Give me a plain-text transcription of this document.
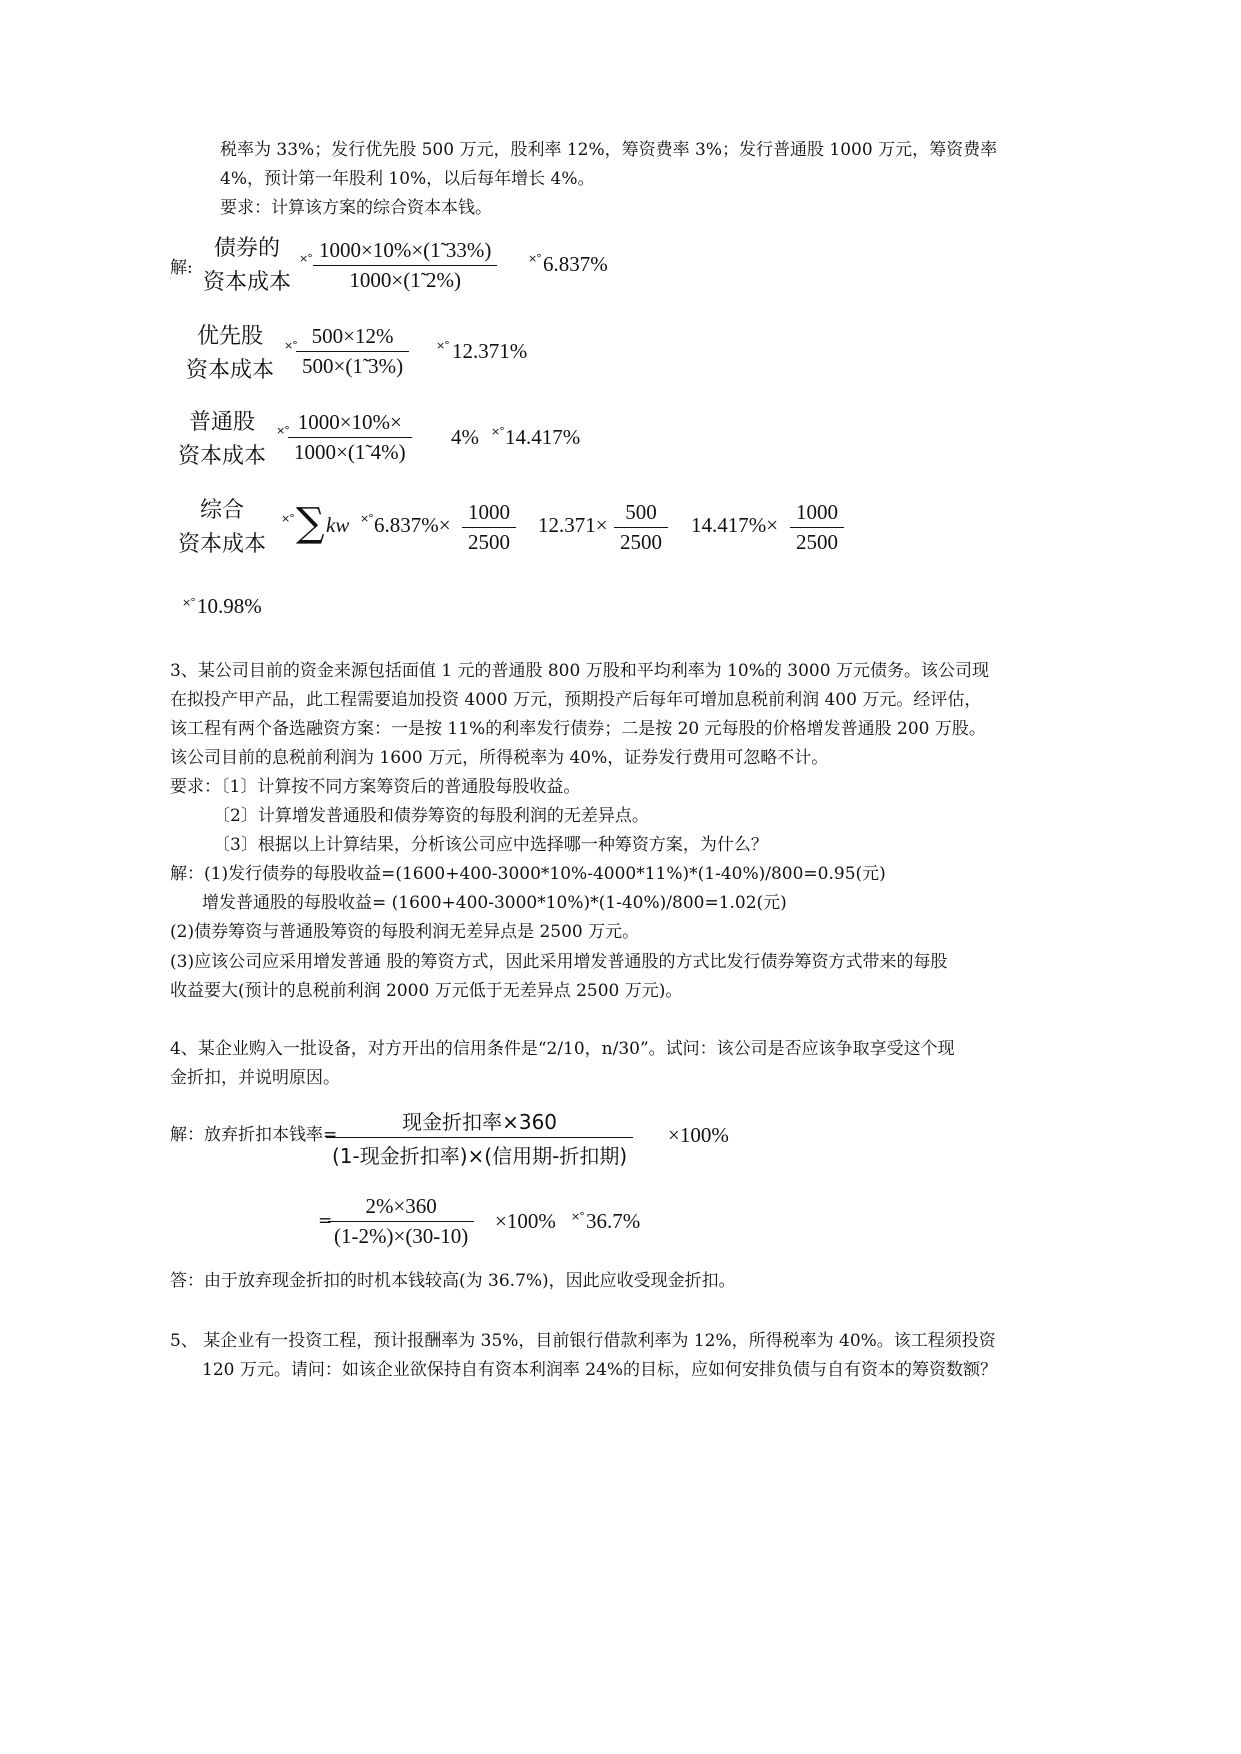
税率为 33%；发行优先股 500 万元，股利率 12%，筹资费率 3%；发行普通股 1000 万元，筹资费率
4%，预计第一年股利 10%，以后每年增长 4%。
要求：计算该方案的综合资本本钱。
解:
债券的
资本成本
×° $\frac{1000\times 10\%\times(1̃ 33\%)}{1000\times(1̃ 2\%)}$	×° 6.837%
优先股
资本成本
×° $\frac{500\times 12\%}{500\times(1̃ 3\%)}$ ×° 12.371%
普通股
资本成本
×° $\frac{1000\times 10\%\times}{1000\times(1̃ 4\%)} 4\%$ ×° 14.417%
综合
资本成本
×° ∑ kw ×° $6.837\%\times \frac{1000}{2500} 12.371\times \frac{500}{2500} 14.417\%\times \frac{1000}{2500}$
×° 10.98%
3、某公司目前的资金来源包括面值 1 元的普通股 800 万股和平均利率为 10%的 3000 万元债务。该公司现
在拟投产甲产品，此工程需要追加投资 4000 万元，预期投产后每年可增加息税前利润 400 万元。经评估，
该工程有两个备选融资方案：一是按 11%的利率发行债券；二是按 20 元每股的价格增发普通股 200 万股。
该公司目前的息税前利润为 1600 万元，所得税率为 40%，证券发行费用可忽略不计。
要求：〔1〕计算按不同方案筹资后的普通股每股收益。
〔2〕计算增发普通股和债券筹资的每股利润的无差异点。
〔3〕根据以上计算结果，分析该公司应中选择哪一种筹资方案，为什么？
解：(1)发行债券的每股收益=(1600+400-3000*10%-4000*11%)*(1-40%)/800=0.95(元)
增发普通股的每股收益= (1600+400-3000*10%)*(1-40%)/800=1.02(元)
(2)债券筹资与普通股筹资的每股利润无差异点是 2500 万元。
(3)应该公司应采用增发普通 股的筹资方式，因此采用增发普通股的方式比发行债券筹资方式带来的每股
收益要大(预计的息税前利润 2000 万元低于无差异点 2500 万元)。
4、某企业购入一批设备，对方开出的信用条件是“2/10，n/30”。试问：该公司是否应该争取享受这个现
金折扣，并说明原因。
解：放弃折扣本钱率=
现金折扣率×360
(1-现金折扣率)×(信用期-折扣期)
×100%
=
$\frac{2\%\times 360}{(1-2\%)\times(30-10)} \times 100\%$ ×° 36.7%
答：由于放弃现金折扣的时机本钱较高(为 36.7%)，因此应收受现金折扣。
5、 某企业有一投资工程，预计报酬率为 35%，目前银行借款利率为 12%，所得税率为 40%。该工程须投资
120 万元。请问：如该企业欲保持自有资本利润率 24%的目标，应如何安排负债与自有资本的筹资数额？
